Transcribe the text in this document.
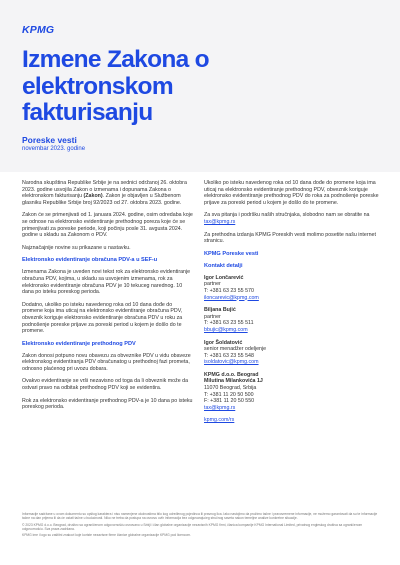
KPMG
Izmene Zakona o elektronskom fakturisanju
Poreske vesti
novembar 2023. godine

Narodna skupština Republike Srbije je na sednici održanoj 26. oktobra 2023. godine usvojila Zakon o izmenama i dopunama Zakona o elektronskom fakturisanju (Zakon). Zakon je objavljen u Službenom glasniku Republike Srbije broj 92/2023 od 27. oktobra 2023. godine.

Zakon će se primenjivati od 1. januara 2024. godine, osim odredaba koje se odnose na elektronsko evidentiranje prethodnog poreza koje će se primenjivati za poreske periode, koji počinju posle 31. avgusta 2024. godine u skladu sa Zakonom o PDV.

Najznačajnije novine su prikazane u nastavku.

Elektronsko evidentiranje obračuna PDV-a u SEF-u

Izmenama Zakona je uveden novi tekst rok za elektronsko evidentiranje obračuna PDV, kojima, u skladu sa usvojenim izmenama, rok za elektronsko evidentiranje obračuna PDV je 10 tekuceg narednog. 10 dana po isteku poreskog perioda.

Dodatno, ukoliko po isteku navedenog roka od 10 dana dođe do promene koja ima uticaj na elektronsko evidentiranje obračuna PDV, obveznik koriguje elektronsko evidentiranje obračuna PDV u roku za podnošenje poreske prijave za poreski period u kojem je došlo do te promene.

Elektronsko evidentiranje prethodnog PDV

Zakon donosi potpuno novu obavezu za obveznike PDV u vidu obaveze elektronskog evidentiranja PDV obračunatog u prethodnoj fazi prometa, odnosno plaćenog pri uvozu dobara.

Ovakvo evidentiranje se vrši nezavisno od toga da li obveznik može da ostvari pravo na odbitak prethodnog PDV koji se evidentira.

Rok za elektronsko evidentiranje prethodnog PDV-a je 10 dana po isteku poreskog perioda.

Ukoliko po isteku navedenog roka od 10 dana dođe do promene koja ima uticaj na elektronsko evidentiranje prethodnog PDV, obveznik koriguje elektronsko evidentiranje prethodnog PDV do roka za podnošenje poreske prijave za poreski period u kojem je došlo do te promene.

Za sva pitanja i podršku naših stručnjaka, slobodno nam se obratite na tax@kpmg.rs

Za prethodna izdanja KPMG Poreskih vesti molimo posetite našu internet stranicu.

KPMG Poreske vesti
Kontakt detalji
Igor Lončarević
partner
T: +381 63 23 55 570
iloncarevic@kpmg.com
Biljana Bujić
partner
T: +381 63 23 55 511
bbujic@kpmg.com
Igor Šoldatović
senior menadžer odeljenje
T: +381 63 23 55 548
isoldatovic@kpmg.com
KPMG d.o.o. Beograd
Milutina Milankovića 1J
11070 Beograd, Srbija
T: +381 11 20 50 500
F: +381 11 20 50 550
tax@kpmg.rs

kpmg.com/rs

Informacije sadržane u ovom dokumentu su opštog karaktera i nisu namenjene okolnostima bilo kog određenog pojedinca ili pravnog lica. Iako nastojimo da pružimo tačne i pravovremene informacije, ne možemo garantovati da su te informacije tačne na dan prijema ili da će ostati tačne u budućnosti. Niko ne treba da postupa na osnovu ovih informacija bez odgovarajućeg stručnog saveta nakon temeljne analize konkretne situacije.

© 2023 KPMG d.o.o. Beograd, društvo sa ograničenom odgovornošću osnovano u Srbiji i član globalne organizacije nezavisnih KPMG firmi, članica kompanije KPMG International Limited, privatnog engleskog društva sa ograničenom odgovornošću. Sva prava zadržana.

KPMG ime i logo su zaštitni znakovi koje koriste nezavisne firme članice globalne organizacije KPMG pod licencom.
